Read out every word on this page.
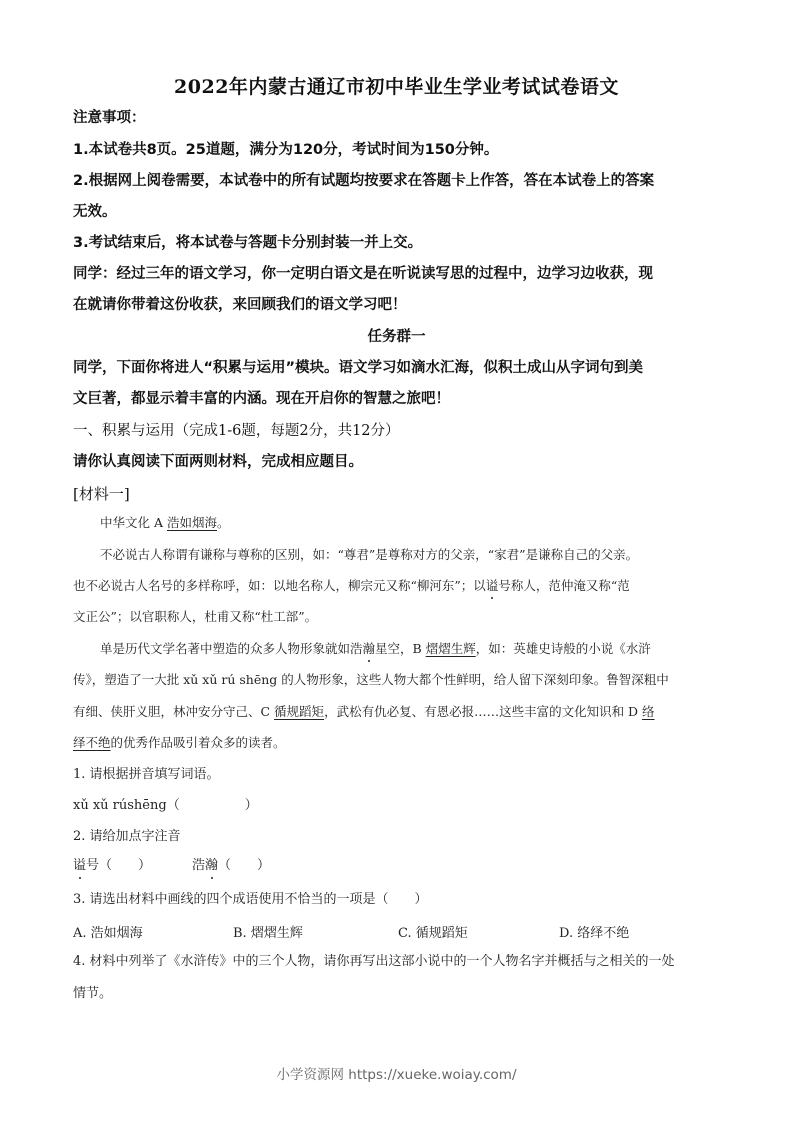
2022年内蒙古通辽市初中毕业生学业考试试卷语文
注意事项：
1.本试卷共8页。25道题，满分为120分，考试时间为150分钟。
2.根据网上阅卷需要，本试卷中的所有试题均按要求在答题卡上作答，答在本试卷上的答案
无效。
3.考试结束后，将本试卷与答题卡分别封装一并上交。
同学：经过三年的语文学习，你一定明白语文是在听说读写思的过程中，边学习边收获，现
在就请你带着这份收获，来回顾我们的语文学习吧！
任务群一
同学，下面你将进人“积累与运用”模块。语文学习如滴水汇海，似积土成山从字词句到美
文巨著，都显示着丰富的内涵。现在开启你的智慧之旅吧！
一、积累与运用（完成1-6题，每题2分，共12分）
请你认真阅读下面两则材料，完成相应题目。
[材料一]
中华文化 A 浩如烟海。
不必说古人称谓有谦称与尊称的区别，如：“尊君”是尊称对方的父亲，“家君”是谦称自己的父亲。
也不必说古人名号的多样称呼，如：以地名称人，柳宗元又称“柳河东”；以谥号称人，范仲淹又称“范
文正公”；以官职称人，杜甫又称“杜工部”。
单是历代文学名著中塑造的众多人物形象就如浩瀚星空，B 熠熠生辉，如：英雄史诗般的小说《水浒
传》，塑造了一大批 xǔ xǔ rú shēng 的人物形象，这些人物大都个性鲜明，给人留下深刻印象。鲁智深粗中
有细、侠肝义胆，林冲安分守己、C 循规蹈矩，武松有仇必复、有恩必报……这些丰富的文化知识和 D 络
绎不绝的优秀作品吸引着众多的读者。
1. 请根据拼音填写词语。
xǔ xǔ rúshēng（　　　　　）
2. 请给加点字注音
谥号（　　）	浩瀚（　　）
3. 请选出材料中画线的四个成语使用不恰当的一项是（　　）
A. 浩如烟海	B. 熠熠生辉	C. 循规蹈矩	D. 络绎不绝
4. 材料中列举了《水浒传》中的三个人物，请你再写出这部小说中的一个人物名字并概括与之相关的一处
情节。
小学资源网 https://xueke.woiay.com/
